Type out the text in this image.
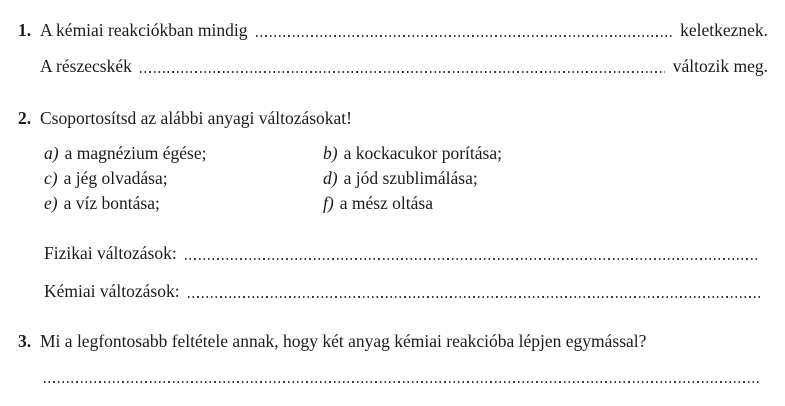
1. A kémiai reakciókban mindig	keletkeznek.
A részecskék	változik meg.
2. Csoportosítsd az alábbi anyagi változásokat!
a) a magnézium égése;	b) a kockacukor porítása;
c) a jég olvadása;	d) a jód szublimálása;
e) a víz bontása;	f) a mész oltása
Fizikai változások:
Kémiai változások:
3. Mi a legfontosabb feltétele annak, hogy két anyag kémiai reakcióba lépjen egymással?
